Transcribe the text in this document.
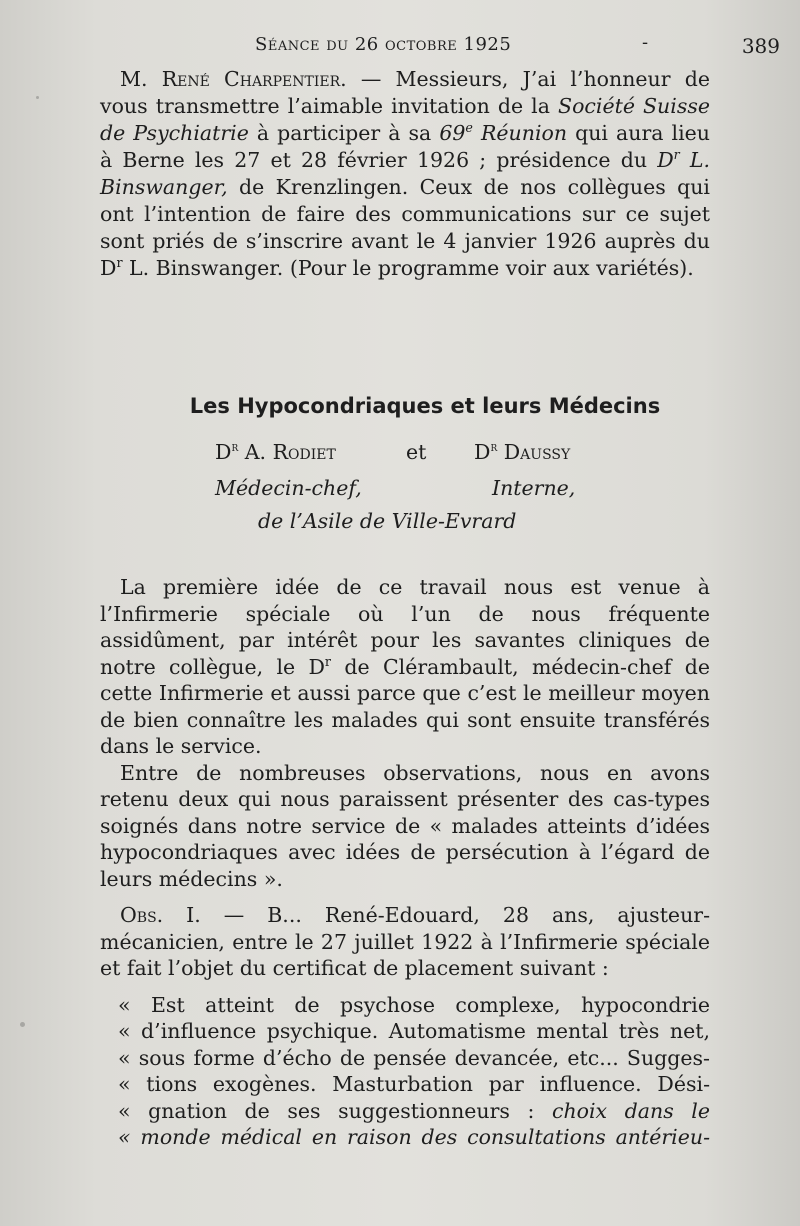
Séance du 26 octobre 1925	-	389

M. René Charpentier. — Messieurs, J’ai l’honneur de vous transmettre l’aimable invitation de la Société Suisse de Psychiatrie à participer à sa 69e Réunion qui aura lieu à Berne les 27 et 28 février 1926 ; présidence du $D^r$ L. Binswanger, de Krenzlingen. Ceux de nos collègues qui ont l’intention de faire des communications sur ce sujet sont priés de s’inscrire avant le 4 janvier 1926 auprès du $D^r$ L. Binswanger. (Pour le programme voir aux variétés).

Les Hypocondriaques et leurs Médecins
$D^r$ A. Rodiet	et $D^r$ Daussy
Médecin-chef,	Interne,
de l’Asile de Ville-Evrard

La première idée de ce travail nous est venue à l’Infirmerie spéciale où l’un de nous fréquente assidûment, par intérêt pour les savantes cliniques de notre collègue, le $D^r$ de Clérambault, médecin-chef de cette Infirmerie et aussi parce que c’est le meilleur moyen de bien connaître les malades qui sont ensuite transférés dans le service.

Entre de nombreuses observations, nous en avons retenu deux qui nous paraissent présenter des cas-types soignés dans notre service de « malades atteints d’idées hypocondriaques avec idées de persécution à l’égard de leurs médecins ».

Obs. I. — B... René-Edouard, 28 ans, ajusteur-mécanicien, entre le 27 juillet 1922 à l’Infirmerie spéciale et fait l’objet du certificat de placement suivant :

« Est atteint de psychose complexe, hypocondrie

« d’influence psychique. Automatisme mental très net,

« sous forme d’écho de pensée devancée, etc... Sugges-

« tions exogènes. Masturbation par influence. Dési-

« gnation de ses suggestionneurs : choix dans le

« monde médical en raison des consultations antérieu-
